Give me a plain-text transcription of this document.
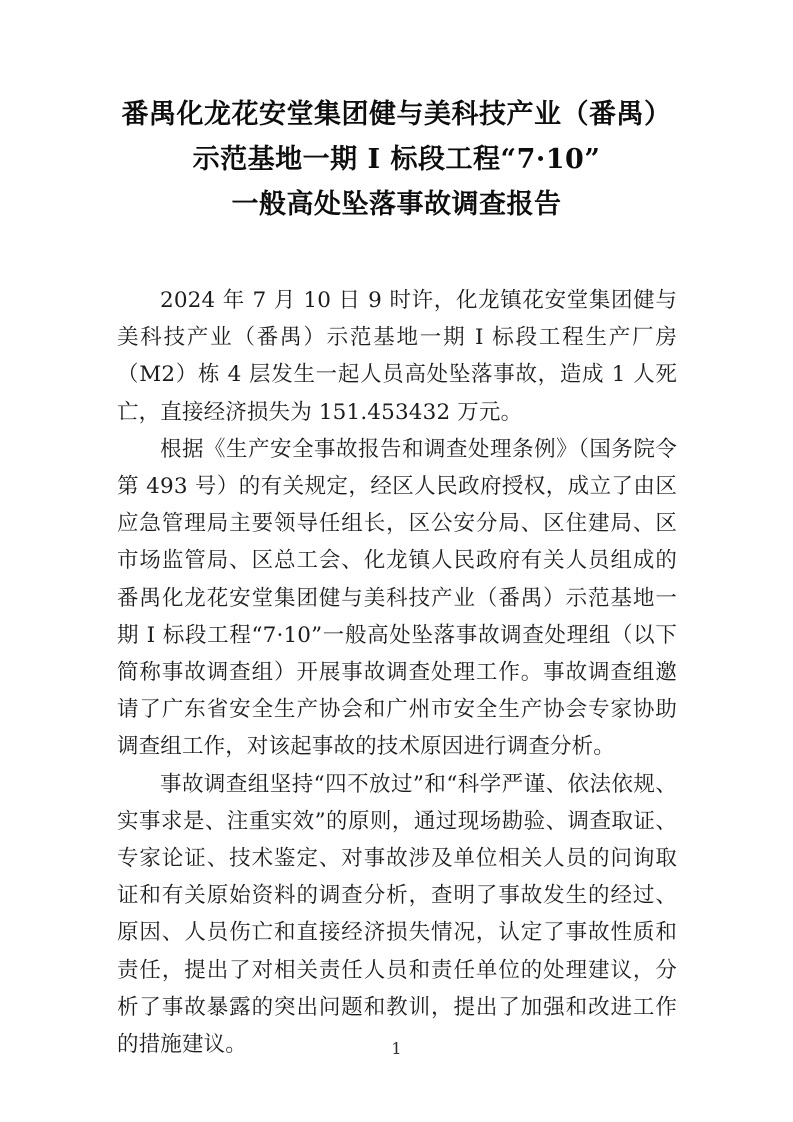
番禺化龙花安堂集团健与美科技产业（番禺）
示范基地一期 I 标段工程“7·10”
一般高处坠落事故调查报告

2024 年 7 月 10 日 9 时许，化龙镇花安堂集团健与美科技产业（番禺）示范基地一期 I 标段工程生产厂房（M2）栋 4 层发生一起人员高处坠落事故，造成 1 人死亡，直接经济损失为 151.453432 万元。

根据《生产安全事故报告和调查处理条例》（国务院令第 493 号）的有关规定，经区人民政府授权，成立了由区应急管理局主要领导任组长，区公安分局、区住建局、区市场监管局、区总工会、化龙镇人民政府有关人员组成的番禺化龙花安堂集团健与美科技产业（番禺）示范基地一期 I 标段工程“7·10”一般高处坠落事故调查处理组（以下简称事故调查组）开展事故调查处理工作。事故调查组邀请了广东省安全生产协会和广州市安全生产协会专家协助调查组工作，对该起事故的技术原因进行调查分析。

事故调查组坚持“四不放过”和“科学严谨、依法依规、实事求是、注重实效”的原则，通过现场勘验、调查取证、专家论证、技术鉴定、对事故涉及单位相关人员的问询取证和有关原始资料的调查分析，查明了事故发生的经过、原因、人员伤亡和直接经济损失情况，认定了事故性质和责任，提出了对相关责任人员和责任单位的处理建议，分析了事故暴露的突出问题和教训，提出了加强和改进工作的措施建议。	1
